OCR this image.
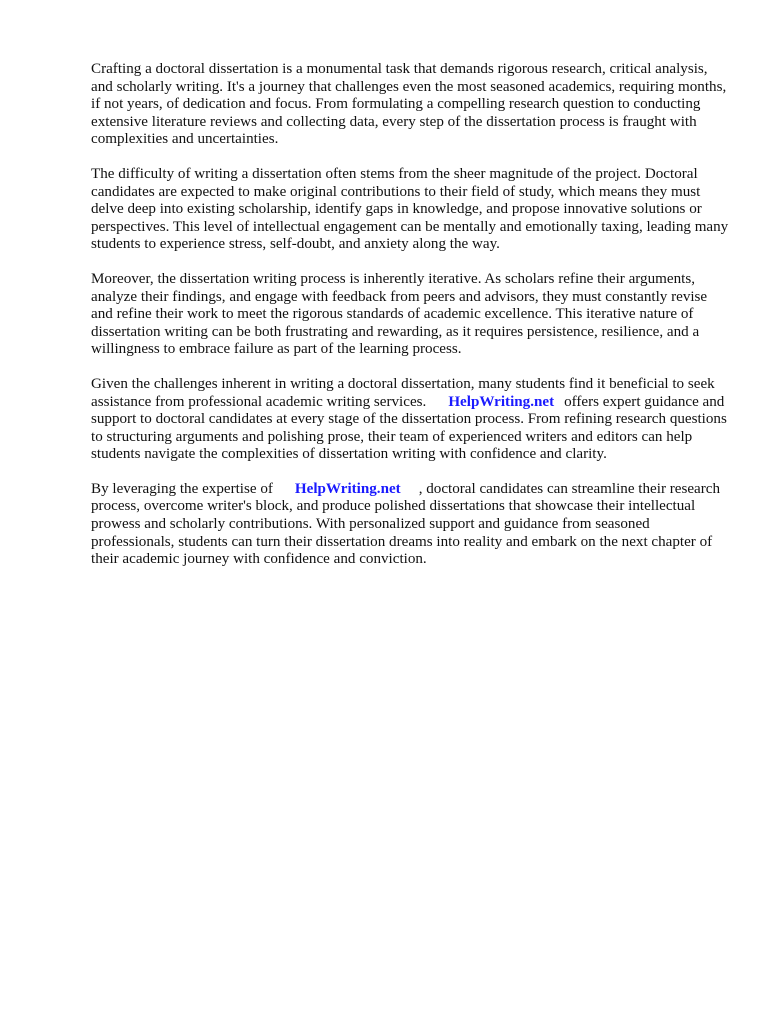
Crafting a doctoral dissertation is a monumental task that demands rigorous research, critical analysis, and scholarly writing. It's a journey that challenges even the most seasoned academics, requiring months, if not years, of dedication and focus. From formulating a compelling research question to conducting extensive literature reviews and collecting data, every step of the dissertation process is fraught with complexities and uncertainties.

The difficulty of writing a dissertation often stems from the sheer magnitude of the project. Doctoral candidates are expected to make original contributions to their field of study, which means they must delve deep into existing scholarship, identify gaps in knowledge, and propose innovative solutions or perspectives. This level of intellectual engagement can be mentally and emotionally taxing, leading many students to experience stress, self-doubt, and anxiety along the way.

Moreover, the dissertation writing process is inherently iterative. As scholars refine their arguments, analyze their findings, and engage with feedback from peers and advisors, they must constantly revise and refine their work to meet the rigorous standards of academic excellence. This iterative nature of dissertation writing can be both frustrating and rewarding, as it requires persistence, resilience, and a willingness to embrace failure as part of the learning process.

Given the challenges inherent in writing a doctoral dissertation, many students find it beneficial to seek assistance from professional academic writing services. HelpWriting.net offers expert guidance and support to doctoral candidates at every stage of the dissertation process. From refining research questions to structuring arguments and polishing prose, their team of experienced writers and editors can help students navigate the complexities of dissertation writing with confidence and clarity.

By leveraging the expertise of HelpWriting.net , doctoral candidates can streamline their research process, overcome writer's block, and produce polished dissertations that showcase their intellectual prowess and scholarly contributions. With personalized support and guidance from seasoned professionals, students can turn their dissertation dreams into reality and embark on the next chapter of their academic journey with confidence and conviction.
